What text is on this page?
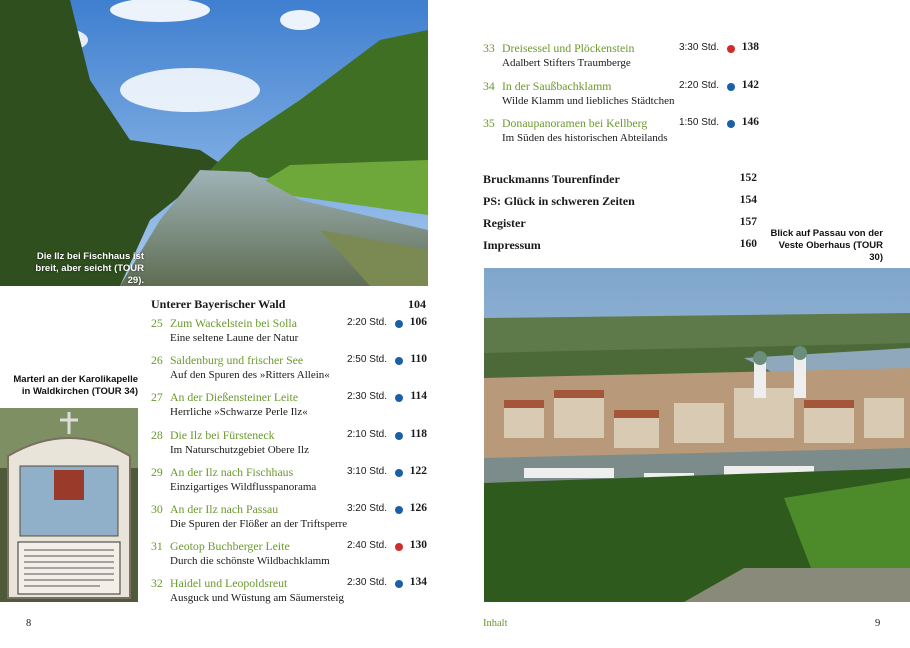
Die Ilz bei Fischhaus ist breit, aber seicht (TOUR 29).
Marterl an der Karolikapelle in Waldkirchen (TOUR 34)
Unterer Bayerischer Wald	104
25 Zum Wackelstein bei Solla	2:20 Std. 106
Eine seltene Laune der Natur
26 Saldenburg und frischer See	2:50 Std. 110
Auf den Spuren des »Ritters Allein«
27 An der Dießensteiner Leite	2:30 Std. 114
Herrliche »Schwarze Perle Ilz«
28 Die Ilz bei Fürsteneck	2:10 Std. 118
Im Naturschutzgebiet Obere Ilz
29 An der Ilz nach Fischhaus	3:10 Std. 122
Einzigartiges Wildflusspanorama
30 An der Ilz nach Passau	3:20 Std. 126
Die Spuren der Flößer an der Triftsperre
31 Geotop Buchberger Leite	2:40 Std. 130
Durch die schönste Wildbachklamm
32 Haidel und Leopoldsreut	2:30 Std. 134
Ausguck und Wüstung am Säumersteig
33 Dreisessel und Plöckenstein	3:30 Std. 138
Adalbert Stifters Traumberge
34 In der Saußbachklamm	2:20 Std. 142
Wilde Klamm und liebliches Städtchen
35 Donaupanoramen bei Kellberg	1:50 Std. 146
Im Süden des historischen Abteilands
Bruckmanns Tourenfinder	152
PS: Glück in schweren Zeiten	154
Register	157
Impressum	160
Blick auf Passau von der Veste Oberhaus (TOUR 30)
8	Inhalt	9
